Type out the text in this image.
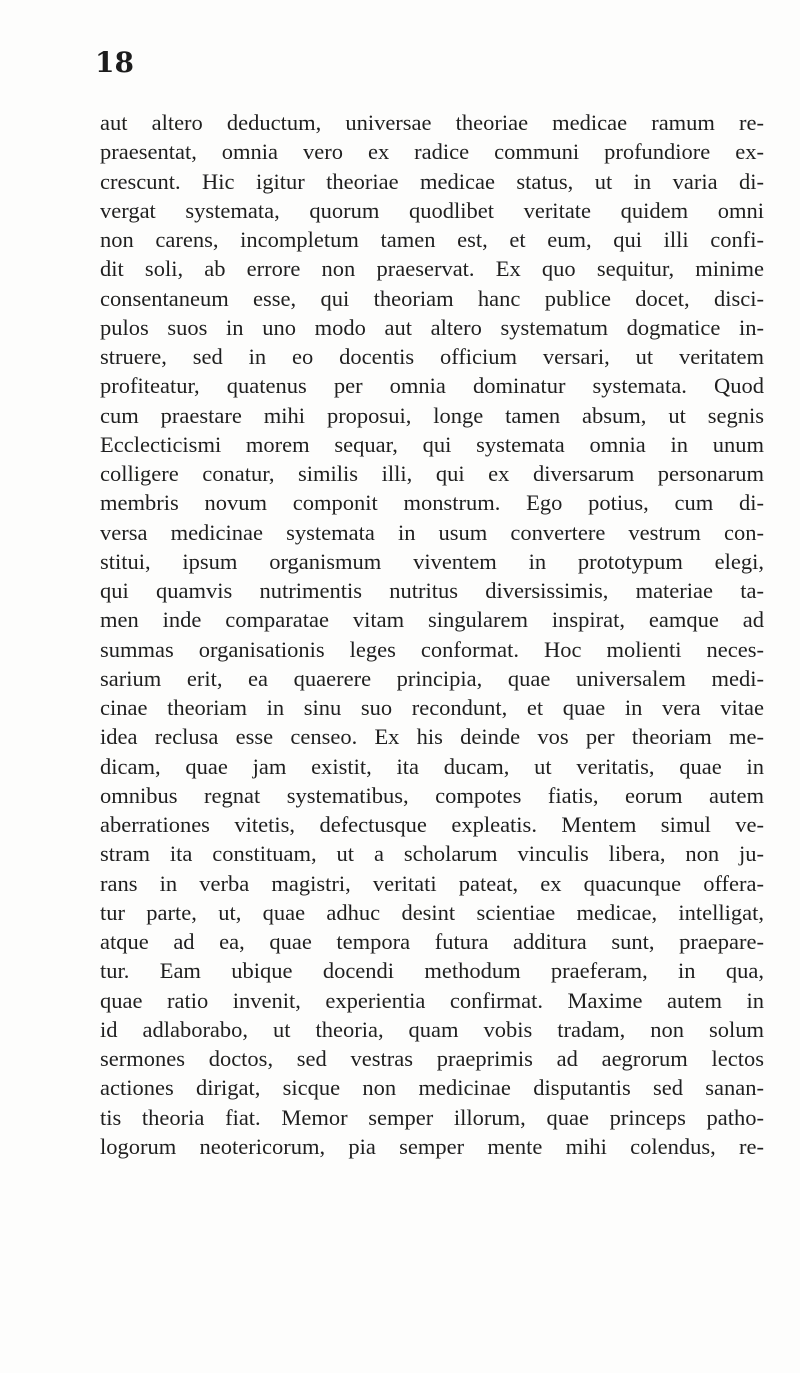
18
aut altero deductum, universae theoriae medicae ramum re-
praesentat, omnia vero ex radice communi profundiore ex-
crescunt. Hic igitur theoriae medicae status, ut in varia di-
vergat systemata, quorum quodlibet veritate quidem omni
non carens, incompletum tamen est, et eum, qui illi confi-
dit soli, ab errore non praeservat. Ex quo sequitur, minime
consentaneum esse, qui theoriam hanc publice docet, disci-
pulos suos in uno modo aut altero systematum dogmatice in-
struere, sed in eo docentis officium versari, ut veritatem
profiteatur, quatenus per omnia dominatur systemata. Quod
cum praestare mihi proposui, longe tamen absum, ut segnis
Ecclecticismi morem sequar, qui systemata omnia in unum
colligere conatur, similis illi, qui ex diversarum personarum
membris novum componit monstrum. Ego potius, cum di-
versa medicinae systemata in usum convertere vestrum con-
stitui, ipsum organismum viventem in prototypum elegi,
qui quamvis nutrimentis nutritus diversissimis, materiae ta-
men inde comparatae vitam singularem inspirat, eamque ad
summas organisationis leges conformat. Hoc molienti neces-
sarium erit, ea quaerere principia, quae universalem medi-
cinae theoriam in sinu suo recondunt, et quae in vera vitae
idea reclusa esse censeo. Ex his deinde vos per theoriam me-
dicam, quae jam existit, ita ducam, ut veritatis, quae in
omnibus regnat systematibus, compotes fiatis, eorum autem
aberrationes vitetis, defectusque expleatis. Mentem simul ve-
stram ita constituam, ut a scholarum vinculis libera, non ju-
rans in verba magistri, veritati pateat, ex quacunque offera-
tur parte, ut, quae adhuc desint scientiae medicae, intelligat,
atque ad ea, quae tempora futura additura sunt, praepare-
tur. Eam ubique docendi methodum praeferam, in qua,
quae ratio invenit, experientia confirmat. Maxime autem in
id adlaborabo, ut theoria, quam vobis tradam, non solum
sermones doctos, sed vestras praeprimis ad aegrorum lectos
actiones dirigat, sicque non medicinae disputantis sed sanan-
tis theoria fiat. Memor semper illorum, quae princeps patho-
logorum neotericorum, pia semper mente mihi colendus, re-
